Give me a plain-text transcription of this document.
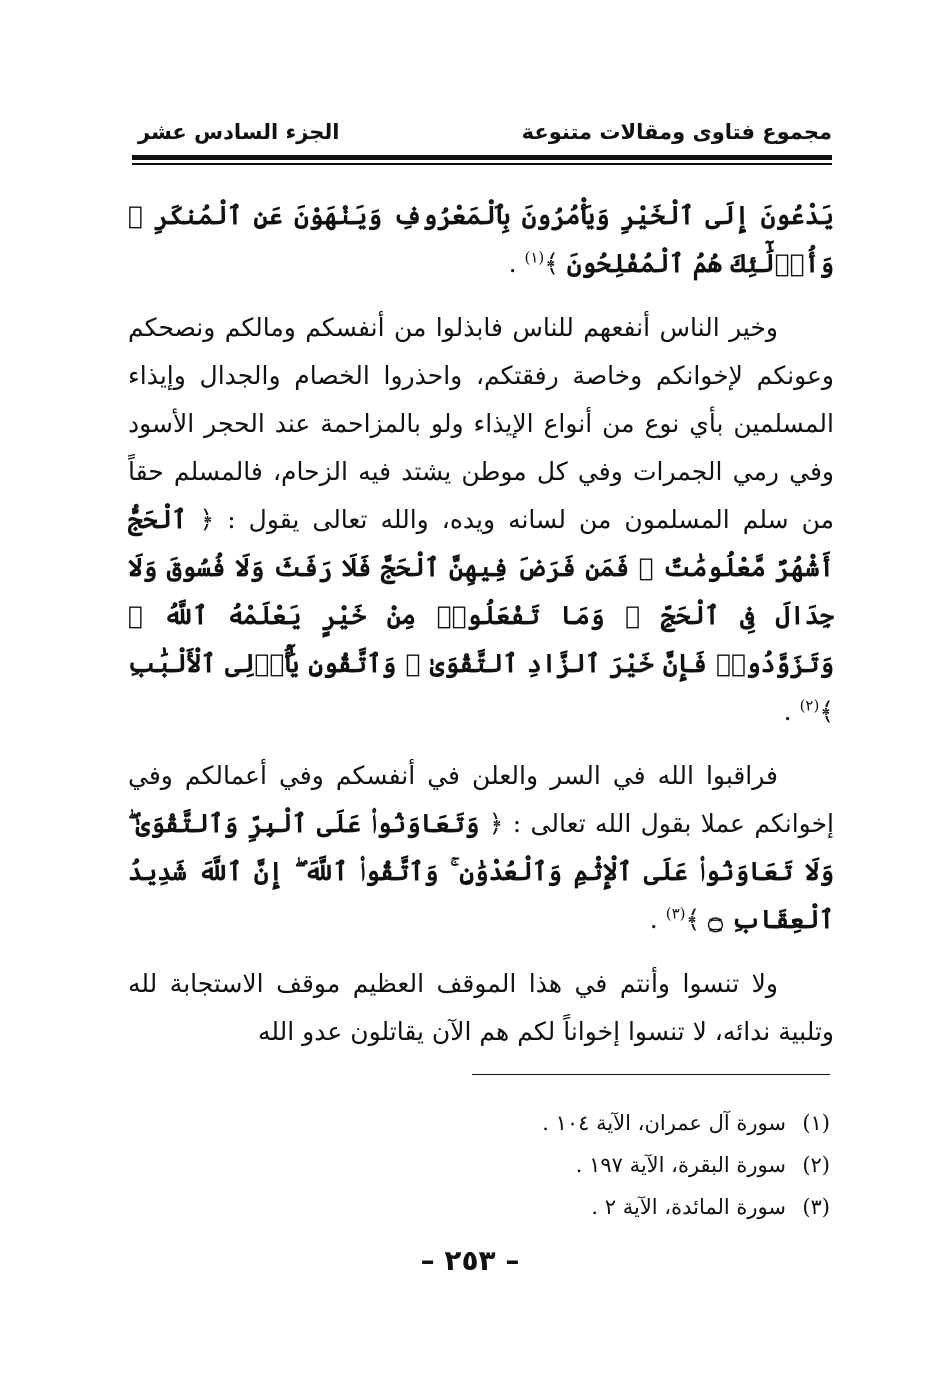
مجموع فتاوى ومقالات متنوعة
الجزء السادس عشر

يَدْعُونَ إِلَى ٱلْخَيْرِ وَيَأْمُرُونَ بِٱلْمَعْرُوفِ وَيَنْهَوْنَ عَنِ ٱلْمُنكَرِ ۚ وَأُو۟لَٰٓئِكَ هُمُ ٱلْمُفْلِحُونَ ﴾$^{(١)}$ .

وخير الناس أنفعهم للناس فابذلوا من أنفسكم ومالكم ونصحكم وعونكم لإخوانكم وخاصة رفقتكم، واحذروا الخصام والجدال وإيذاء المسلمين بأي نوع من أنواع الإيذاء ولو بالمزاحمة عند الحجر الأسود وفي رمي الجمرات وفي كل موطن يشتد فيه الزحام، فالمسلم حقاً من سلم المسلمون من لسانه ويده، والله تعالى يقول : ﴿ ٱلْحَجُّ أَشْهُرٌ مَّعْلُومَٰتٌ ۚ فَمَن فَرَضَ فِيهِنَّ ٱلْحَجَّ فَلَا رَفَثَ وَلَا فُسُوقَ وَلَا جِدَالَ فِى ٱلْحَجِّ ۗ وَمَا تَفْعَلُوا۟ مِنْ خَيْرٍ يَعْلَمْهُ ٱللَّهُ ۗ وَتَزَوَّدُوا۟ فَإِنَّ خَيْرَ ٱلزَّادِ ٱلتَّقْوَىٰ ۚ وَٱتَّقُونِ يَٰٓأُو۟لِى ٱلْأَلْبَٰبِ ﴾$^{(٢)}$ .

فراقبوا الله في السر والعلن في أنفسكم وفي أعمالكم وفي إخوانكم عملا بقول الله تعالى : ﴿ وَتَعَاوَنُوا۟ عَلَى ٱلْبِرِّ وَٱلتَّقْوَىٰ ۖ وَلَا تَعَاوَنُوا۟ عَلَى ٱلْإِثْمِ وَٱلْعُدْوَٰنِ ۚ وَٱتَّقُوا۟ ٱللَّهَ ۖ إِنَّ ٱللَّهَ شَدِيدُ ٱلْعِقَابِ ۝ ﴾$^{(٣)}$ .

ولا تنسوا وأنتم في هذا الموقف العظيم موقف الاستجابة لله وتلبية ندائه، لا تنسوا إخواناً لكم هم الآن يقاتلون عدو الله

(١)سورة آل عمران، الآية ١٠٤ .
(٢)سورة البقرة، الآية ١٩٧ .
(٣)سورة المائدة، الآية ٢ .
– ٢٥٣ –
